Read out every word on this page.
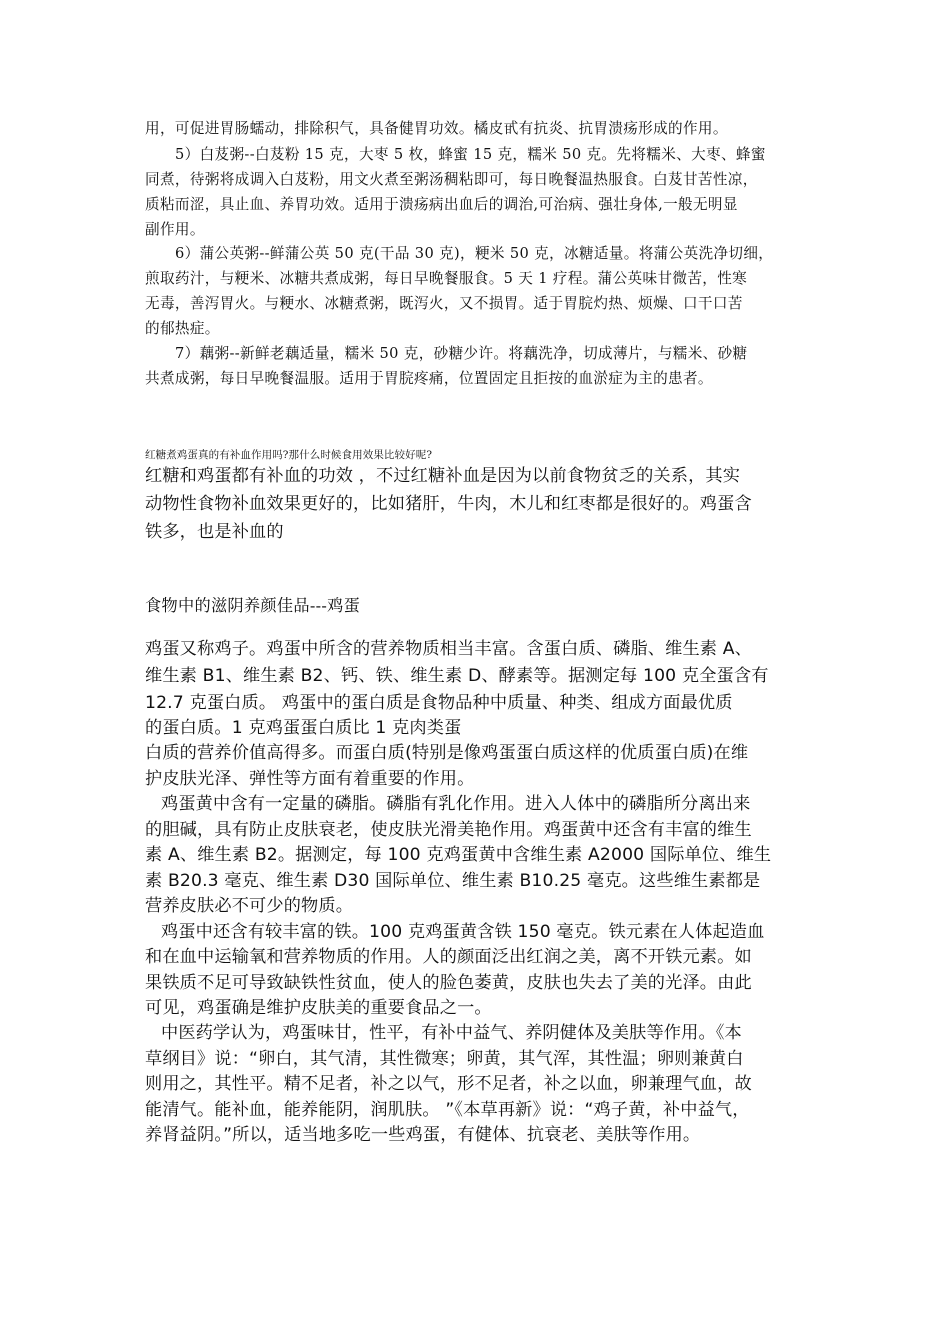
用，可促进胃肠蠕动，排除积气，具备健胃功效。橘皮甙有抗炎、抗胃溃疡形成的作用。
5）白芨粥--白芨粉 15 克，大枣 5 枚，蜂蜜 15 克，糯米 50 克。先将糯米、大枣、蜂蜜
同煮，待粥将成调入白芨粉，用文火煮至粥汤稠粘即可，每日晚餐温热服食。白芨甘苦性凉，
质粘而涩，具止血、养胃功效。适用于溃疡病出血后的调治,可治病、强壮身体,一般无明显
副作用。
6）蒲公英粥--鲜蒲公英 50 克(干品 30 克)，粳米 50 克，冰糖适量。将蒲公英洗净切细，
煎取药汁，与粳米、冰糖共煮成粥，每日早晚餐服食。5 天 1 疗程。蒲公英味甘微苦，性寒
无毒，善泻胃火。与粳水、冰糖煮粥，既泻火，又不损胃。适于胃脘灼热、烦燥、口干口苦
的郁热症。
7）藕粥--新鲜老藕适量，糯米 50 克，砂糖少许。将藕洗净，切成薄片，与糯米、砂糖
共煮成粥，每日早晚餐温服。适用于胃脘疼痛，位置固定且拒按的血淤症为主的患者。
红糖煮鸡蛋真的有补血作用吗?那什么时候食用效果比较好呢?
红糖和鸡蛋都有补血的功效 ，不过红糖补血是因为以前食物贫乏的关系，其实
动物性食物补血效果更好的，比如猪肝，牛肉，木儿和红枣都是很好的。鸡蛋含
铁多，也是补血的
食物中的滋阴养颜佳品---鸡蛋
鸡蛋又称鸡子。鸡蛋中所含的营养物质相当丰富。含蛋白质、磷脂、维生素 A、
维生素 B1、维生素 B2、钙、铁、维生素 D、酵素等。据测定每 100 克全蛋含有
12.7 克蛋白质。 鸡蛋中的蛋白质是食物品种中质量、种类、组成方面最优质
的蛋白质。1 克鸡蛋蛋白质比 1 克肉类蛋
白质的营养价值高得多。而蛋白质(特别是像鸡蛋蛋白质这样的优质蛋白质)在维
护皮肤光泽、弹性等方面有着重要的作用。
鸡蛋黄中含有一定量的磷脂。磷脂有乳化作用。进入人体中的磷脂所分离出来
的胆碱，具有防止皮肤衰老，使皮肤光滑美艳作用。鸡蛋黄中还含有丰富的维生
素 A、维生素 B2。据测定，每 100 克鸡蛋黄中含维生素 A2000 国际单位、维生
素 B20.3 毫克、维生素 D30 国际单位、维生素 B10.25 毫克。这些维生素都是
营养皮肤必不可少的物质。
鸡蛋中还含有较丰富的铁。100 克鸡蛋黄含铁 150 毫克。铁元素在人体起造血
和在血中运输氧和营养物质的作用。人的颜面泛出红润之美，离不开铁元素。如
果铁质不足可导致缺铁性贫血，使人的脸色萎黄，皮肤也失去了美的光泽。由此
可见，鸡蛋确是维护皮肤美的重要食品之一。
中医药学认为，鸡蛋味甘，性平，有补中益气、养阴健体及美肤等作用。《本
草纲目》说：“卵白，其气清，其性微寒；卵黄，其气浑，其性温；卵则兼黄白
则用之，其性平。精不足者，补之以气，形不足者，补之以血，卵兼理气血，故
能清气。能补血，能养能阴，润肌肤。 ”《本草再新》说：“鸡子黄，补中益气，
养肾益阴。”所以，适当地多吃一些鸡蛋，有健体、抗衰老、美肤等作用。
